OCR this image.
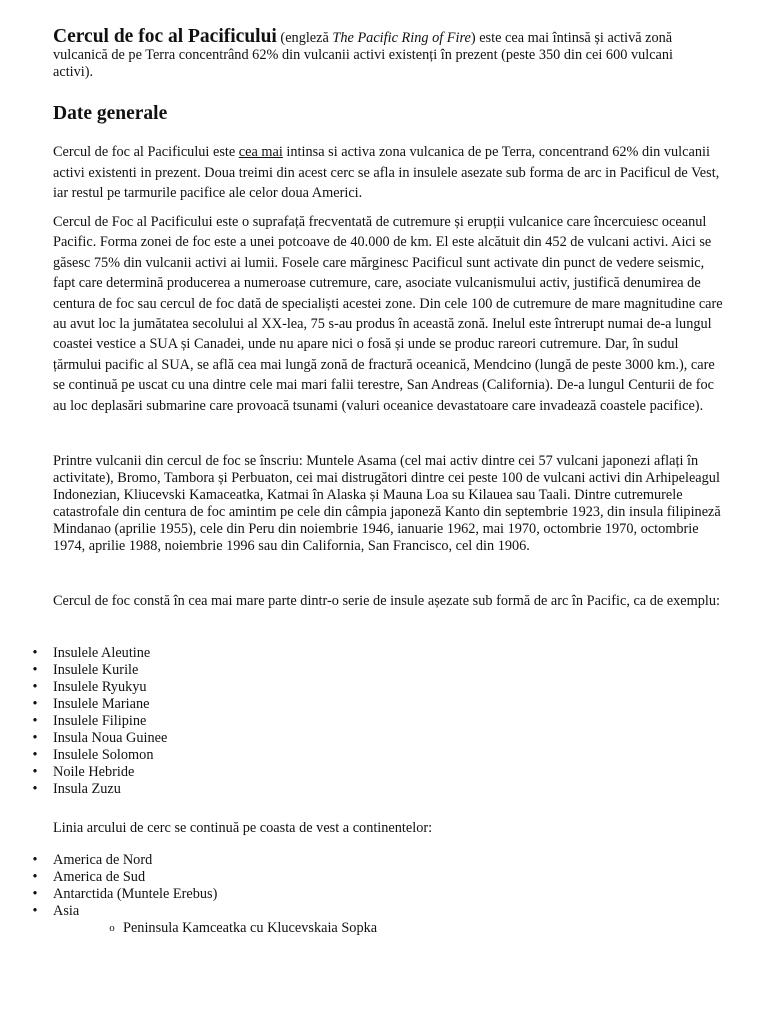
Cercul de foc al Pacificului (engleză The Pacific Ring of Fire) este cea mai întinsă și activă zonă vulcanică de pe Terra concentrând 62% din vulcanii activi existenți în prezent (peste 350 din cei 600 vulcani activi).

Date generale

Cercul de foc al Pacificului este cea mai intinsa si activa zona vulcanica de pe Terra, concentrand 62% din vulcanii activi existenti in prezent. Doua treimi din acest cerc se afla in insulele asezate sub forma de arc in Pacificul de Vest, iar restul pe tarmurile pacifice ale celor doua Americi.

Cercul de Foc al Pacificului este o suprafață frecventată de cutremure și erupții vulcanice care încercuiesc oceanul Pacific. Forma zonei de foc este a unei potcoave de 40.000 de km. El este alcătuit din 452 de vulcani activi. Aici se găsesc 75% din vulcanii activi ai lumii. Fosele care mărginesc Pacificul sunt activate din punct de vedere seismic, fapt care determină producerea a numeroase cutremure, care, asociate vulcanismului activ, justifică denumirea de centura de foc sau cercul de foc dată de specialiști acestei zone. Din cele 100 de cutremure de mare magnitudine care au avut loc la jumătatea secolului al XX-lea, 75 s-au produs în această zonă. Inelul este întrerupt numai de-a lungul coastei vestice a SUA și Canadei, unde nu apare nici o fosă și unde se produc rareori cutremure. Dar, în sudul țărmului pacific al SUA, se află cea mai lungă zonă de fractură oceanică, Mendcino (lungă de peste 3000 km.), care se continuă pe uscat cu una dintre cele mai mari falii terestre, San Andreas (California). De-a lungul Centurii de foc au loc deplasări submarine care provoacă tsunami (valuri oceanice devastatoare care invadează coastele pacifice).

Printre vulcanii din cercul de foc se înscriu: Muntele Asama (cel mai activ dintre cei 57 vulcani japonezi aflați în activitate), Bromo, Tambora și Perbuaton, cei mai distrugători dintre cei peste 100 de vulcani activi din Arhipeleagul Indonezian, Kliucevski Kamaceatka, Katmai în Alaska și Mauna Loa su Kilauea sau Taali. Dintre cutremurele catastrofale din centura de foc amintim pe cele din câmpia japoneză Kanto din septembrie 1923, din insula filipineză Mindanao (aprilie 1955), cele din Peru din noiembrie 1946, ianuarie 1962, mai 1970, octombrie 1970, octombrie 1974, aprilie 1988, noiembrie 1996 sau din California, San Francisco, cel din 1906.

Cercul de foc constă în cea mai mare parte dintr-o serie de insule așezate sub formă de arc în Pacific, ca de exemplu:

• Insulele Aleutine
• Insulele Kurile
• Insulele Ryukyu
• Insulele Mariane
• Insulele Filipine
• Insula Noua Guinee
• Insulele Solomon
• Noile Hebride
• Insula Zuzu

Linia arcului de cerc se continuă pe coasta de vest a continentelor:

• America de Nord
• America de Sud
• Antarctida (Muntele Erebus)
• Asia
o Peninsula Kamceatka cu Klucevskaia Sopka
